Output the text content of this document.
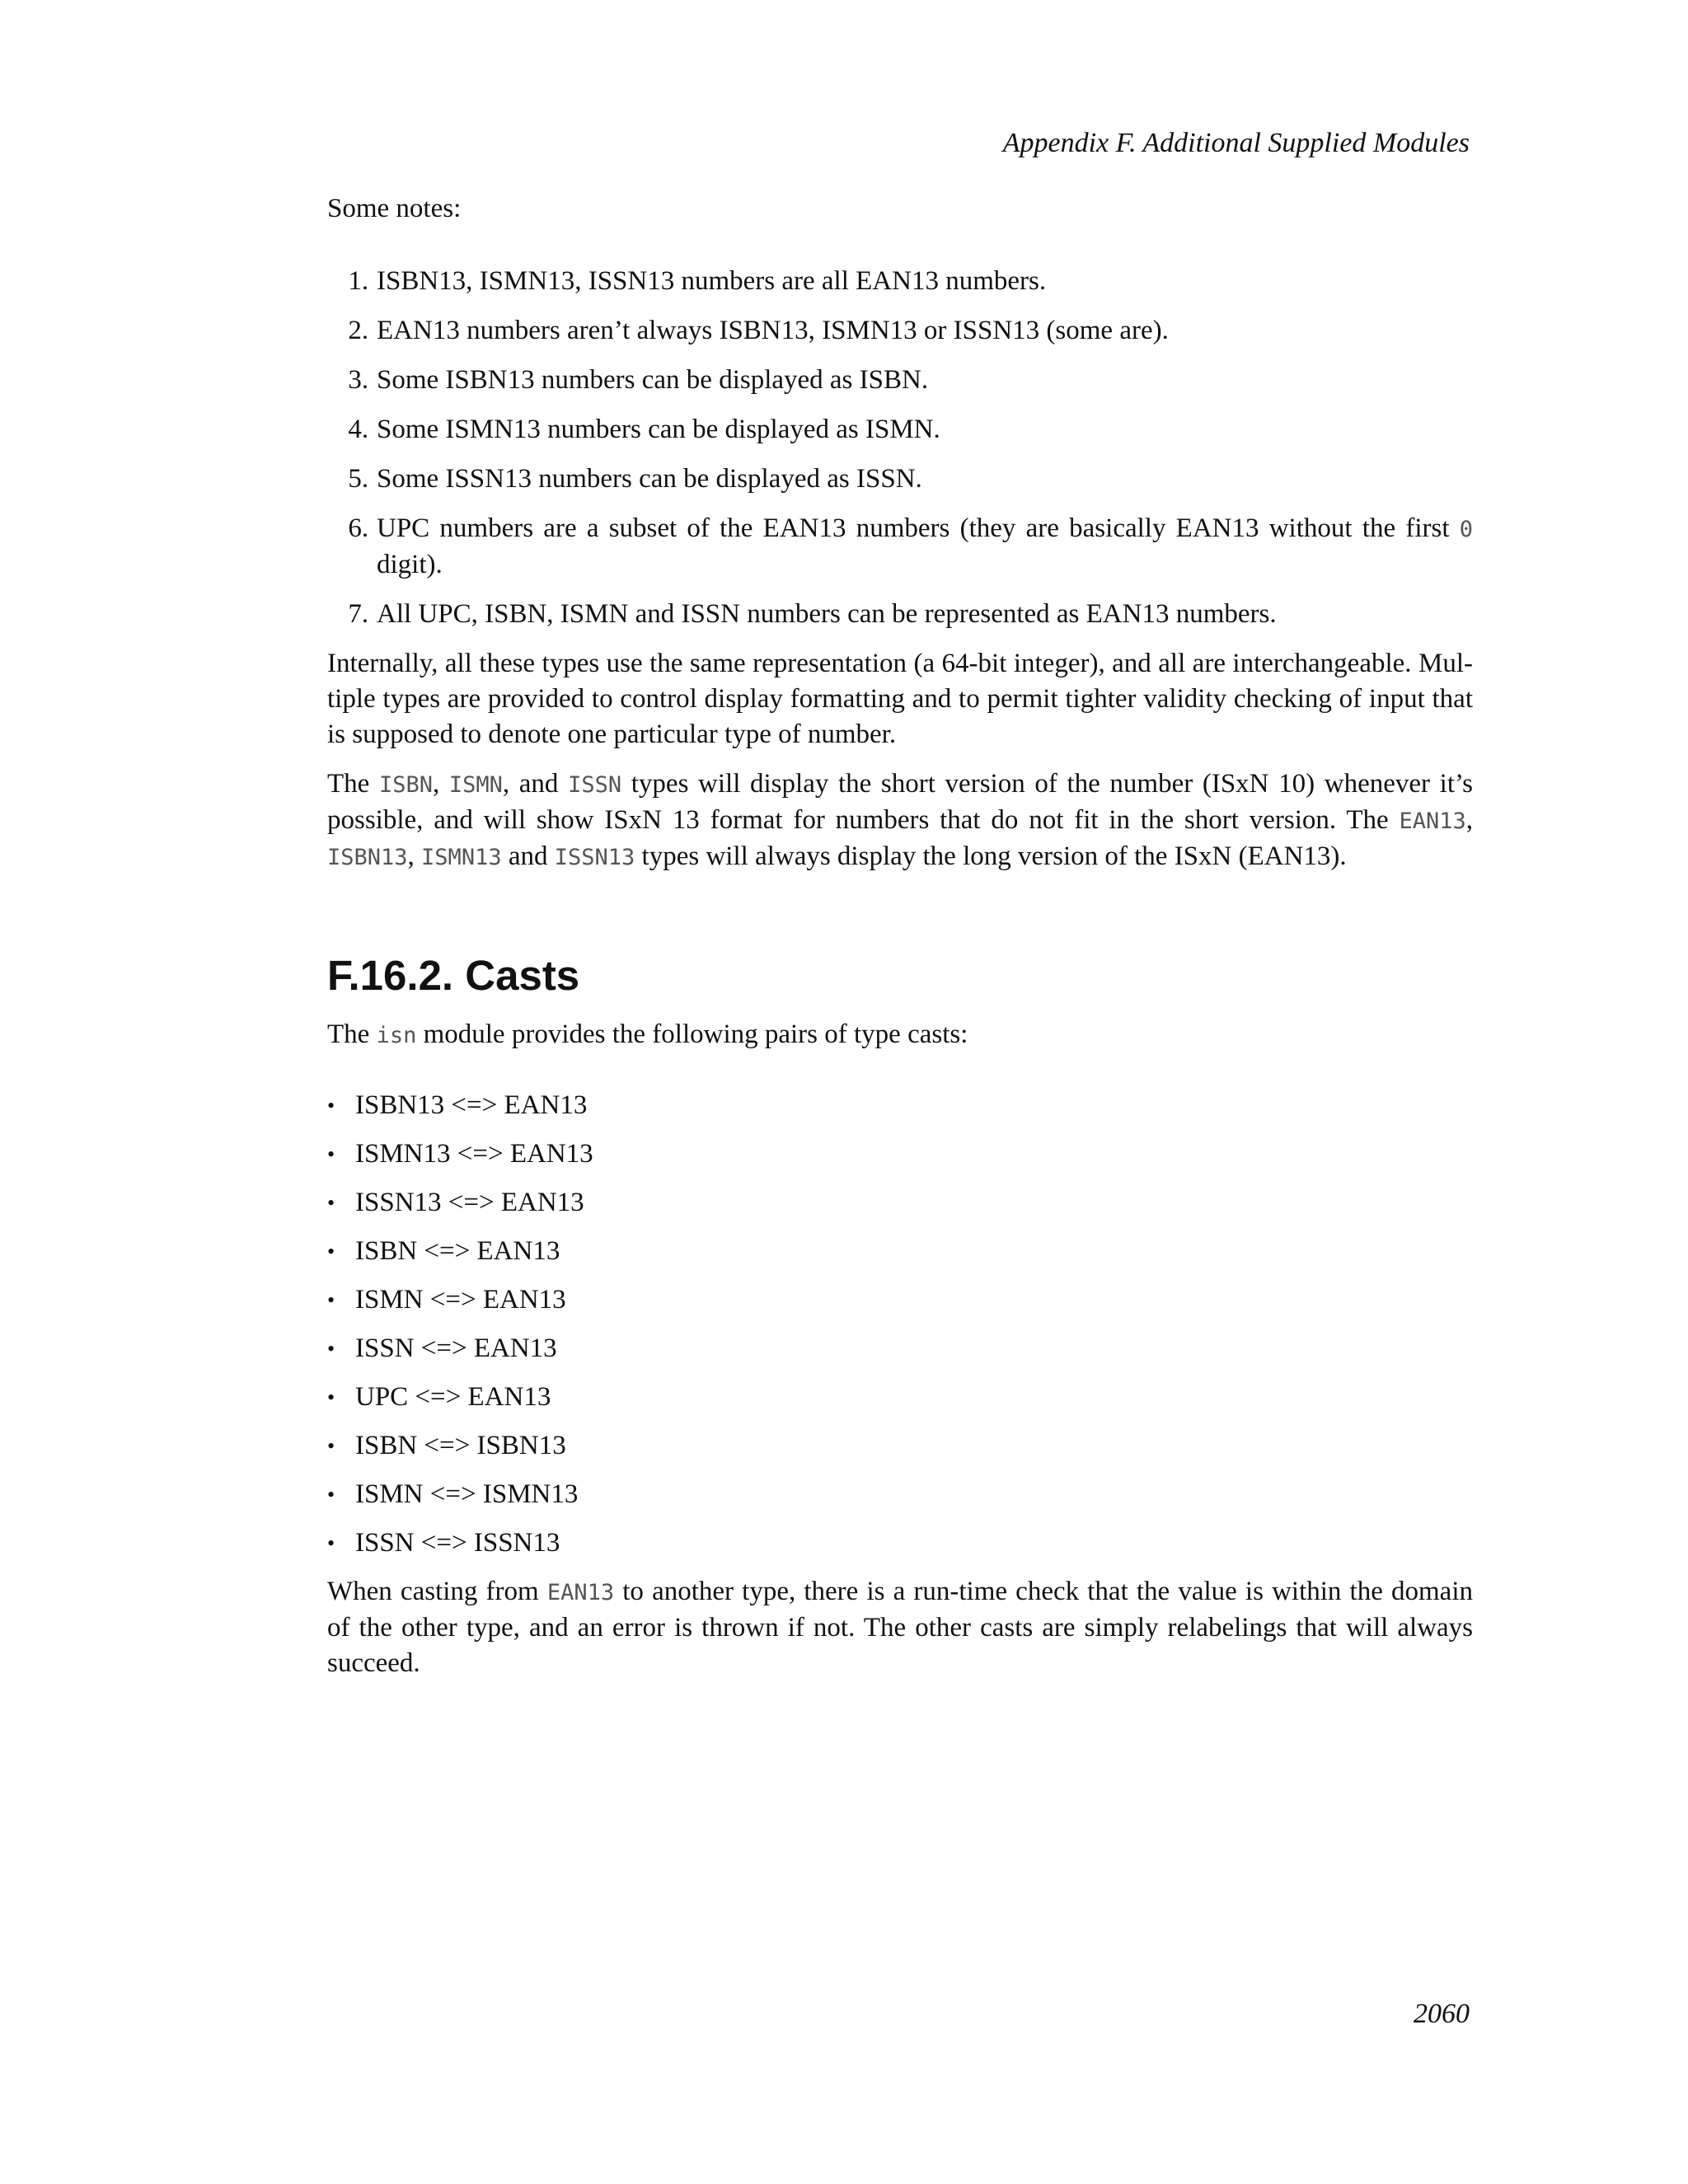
Appendix F. Additional Supplied Modules

Some notes:

1. ISBN13, ISMN13, ISSN13 numbers are all EAN13 numbers.
2. EAN13 numbers aren’t always ISBN13, ISMN13 or ISSN13 (some are).
3. Some ISBN13 numbers can be displayed as ISBN.
4. Some ISMN13 numbers can be displayed as ISMN.
5. Some ISSN13 numbers can be displayed as ISSN.
6. UPC numbers are a subset of the EAN13 numbers (they are basically EAN13 without the first 0 digit).
7. All UPC, ISBN, ISMN and ISSN numbers can be represented as EAN13 numbers.

Internally, all these types use the same representation (a 64-bit integer), and all are interchangeable. Mul-tiple types are provided to control display formatting and to permit tighter validity checking of input that is supposed to denote one particular type of number.

The ISBN, ISMN, and ISSN types will display the short version of the number (ISxN 10) whenever it’s possible, and will show ISxN 13 format for numbers that do not fit in the short version. The EAN13, ISBN13, ISMN13 and ISSN13 types will always display the long version of the ISxN (EAN13).

F.16.2. Casts

The isn module provides the following pairs of type casts:

• ISBN13 <=> EAN13
• ISMN13 <=> EAN13
• ISSN13 <=> EAN13
• ISBN <=> EAN13
• ISMN <=> EAN13
• ISSN <=> EAN13
• UPC <=> EAN13
• ISBN <=> ISBN13
• ISMN <=> ISMN13
• ISSN <=> ISSN13

When casting from EAN13 to another type, there is a run-time check that the value is within the domain of the other type, and an error is thrown if not. The other casts are simply relabelings that will always succeed.

2060
